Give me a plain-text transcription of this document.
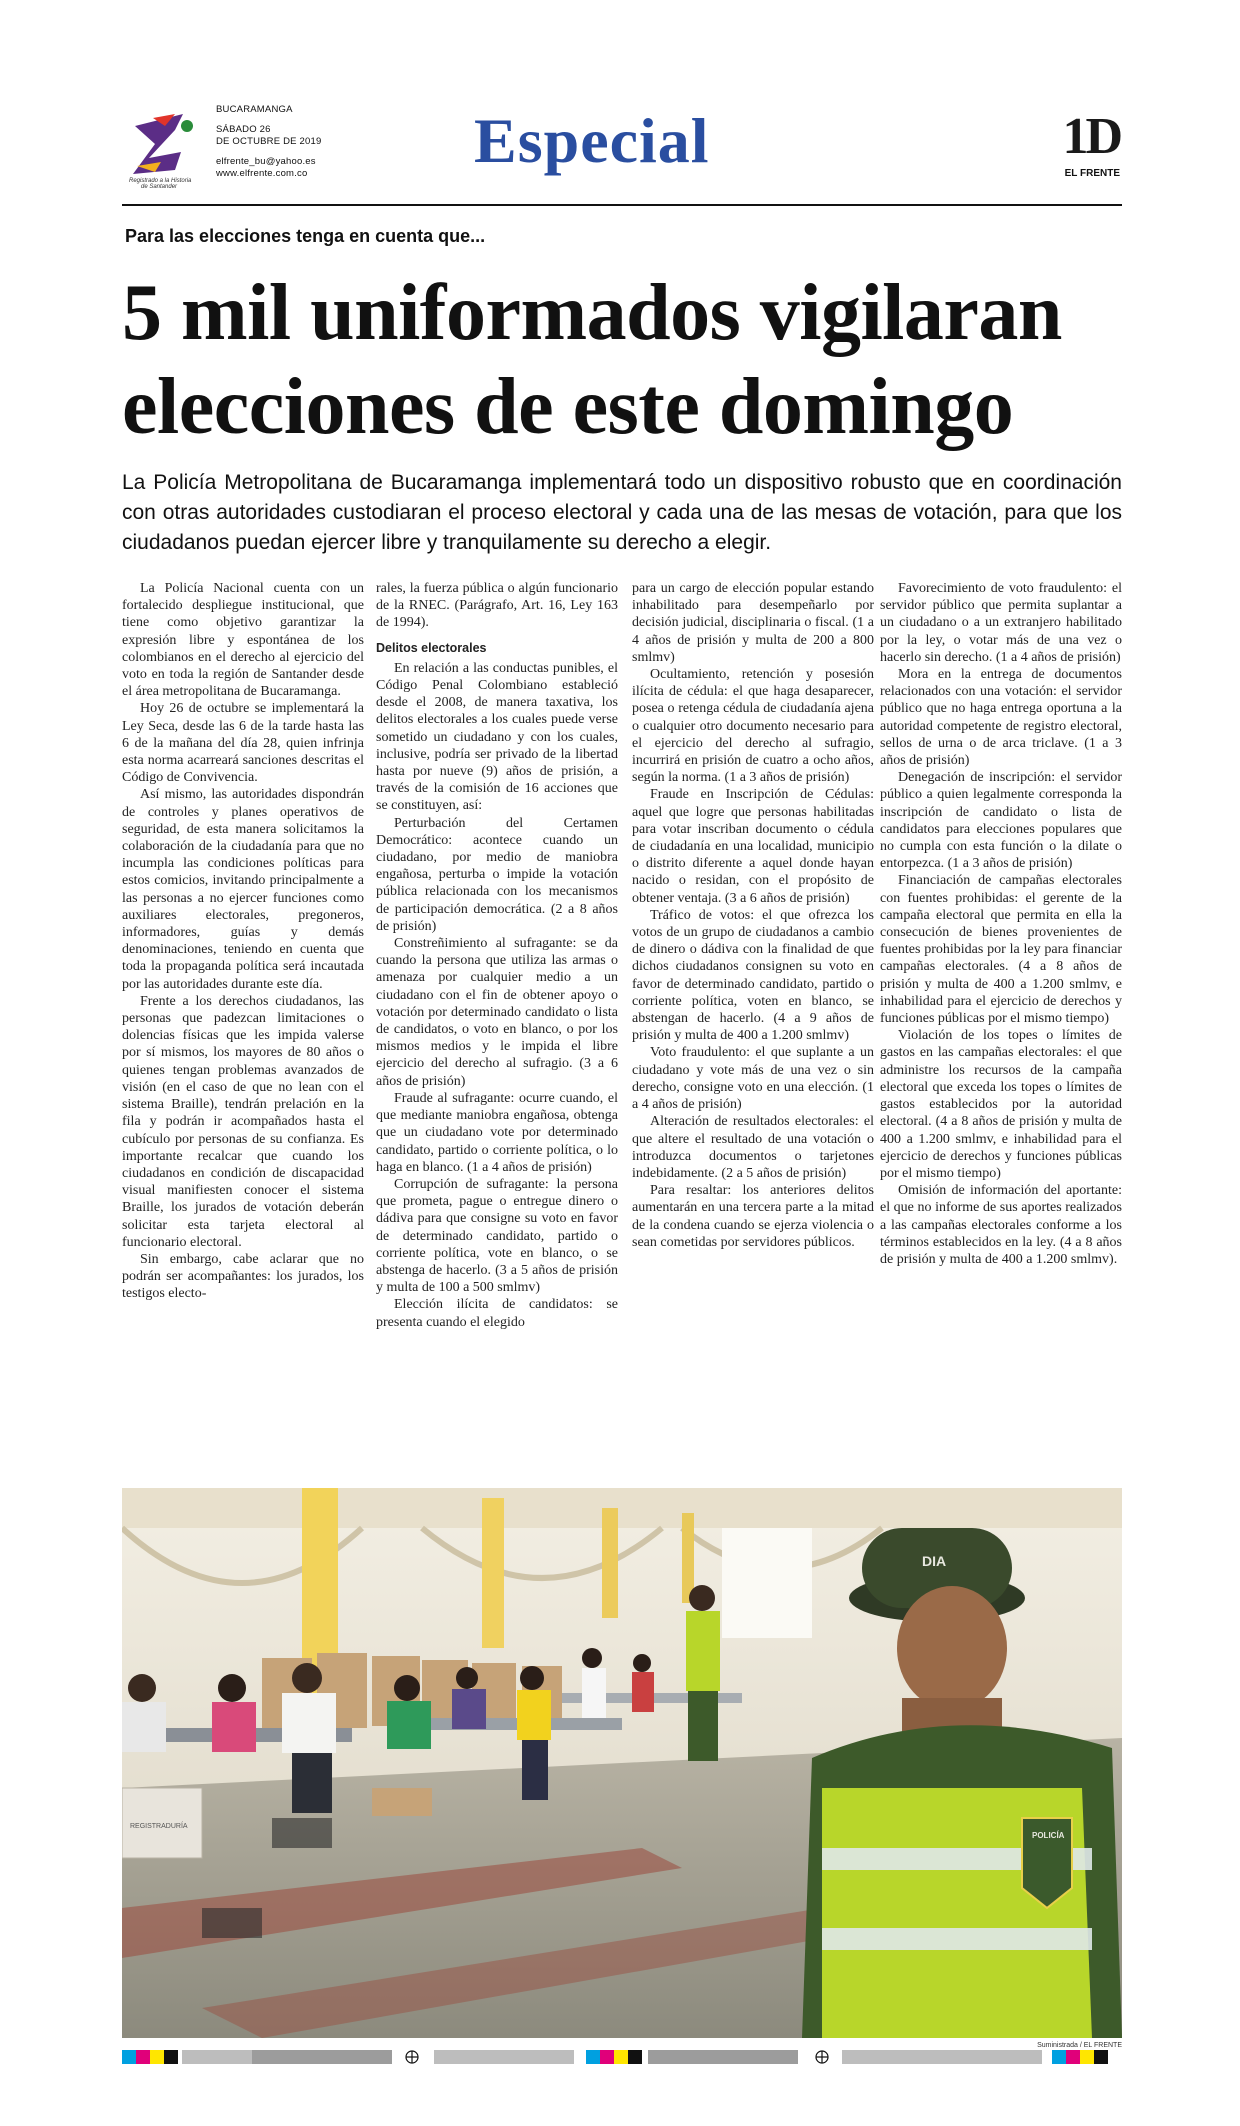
Registrado a la Historia
de Santander
BUCARAMANGA
SÁBADO 26
DE OCTUBRE DE 2019
elfrente_bu@yahoo.es
www.elfrente.com.co	Especial	1D
EL FRENTE
Para las elecciones tenga en cuenta que...
5 mil uniformados vigilaran
elecciones de este domingo
La Policía Metropolitana de Bucaramanga implementará todo un dispositivo robusto que en coordinación con otras autoridades custodiaran el proceso electoral y cada una de las mesas de votación, para que los ciudadanos puedan ejercer libre y tranquilamente su derecho a elegir.

La Policía Nacional cuenta con un fortalecido despliegue institucional, que tiene como objetivo garantizar la expresión libre y espontánea de los colombianos en el derecho al ejercicio del voto en toda la región de Santander desde el área metropolitana de Bucaramanga.

Hoy 26 de octubre se implementará la Ley Seca, desde las 6 de la tarde hasta las 6 de la mañana del día 28, quien infrinja esta norma acarreará sanciones descritas el Código de Convivencia.

Así mismo, las autoridades dispondrán de controles y planes operativos de seguridad, de esta manera solicitamos la colaboración de la ciudadanía para que no incumpla las condiciones políticas para estos comicios, invitando principalmente a las personas a no ejercer funciones como auxiliares electorales, pregoneros, informadores, guías y demás denominaciones, teniendo en cuenta que toda la propaganda política será incautada por las autoridades durante este día.

Frente a los derechos ciudadanos, las personas que padezcan limitaciones o dolencias físicas que les impida valerse por sí mismos, los mayores de 80 años o quienes tengan problemas avanzados de visión (en el caso de que no lean con el sistema Braille), tendrán prelación en la fila y podrán ir acompañados hasta el cubículo por personas de su confianza. Es importante recalcar que cuando los ciudadanos en condición de discapacidad visual manifiesten conocer el sistema Braille, los jurados de votación deberán solicitar esta tarjeta electoral al funcionario electoral.

Sin embargo, cabe aclarar que no podrán ser acompañantes: los jurados, los testigos electo-

rales, la fuerza pública o algún funcionario de la RNEC. (Parágrafo, Art. 16, Ley 163 de 1994).

Delitos electorales

En relación a las conductas punibles, el Código Penal Colombiano estableció desde el 2008, de manera taxativa, los delitos electorales a los cuales puede verse sometido un ciudadano y con los cuales, inclusive, podría ser privado de la libertad hasta por nueve (9) años de prisión, a través de la comisión de 16 acciones que se constituyen, así:

Perturbación del Certamen Democrático: acontece cuando un ciudadano, por medio de maniobra engañosa, perturba o impide la votación pública relacionada con los mecanismos de participación democrática. (2 a 8 años de prisión)

Constreñimiento al sufragante: se da cuando la persona que utiliza las armas o amenaza por cualquier medio a un ciudadano con el fin de obtener apoyo o votación por determinado candidato o lista de candidatos, o voto en blanco, o por los mismos medios y le impida el libre ejercicio del derecho al sufragio. (3 a 6 años de prisión)

Fraude al sufragante: ocurre cuando, el que mediante maniobra engañosa, obtenga que un ciudadano vote por determinado candidato, partido o corriente política, o lo haga en blanco. (1 a 4 años de prisión)

Corrupción de sufragante: la persona que prometa, pague o entregue dinero o dádiva para que consigne su voto en favor de determinado candidato, partido o corriente política, vote en blanco, o se abstenga de hacerlo. (3 a 5 años de prisión y multa de 100 a 500 smlmv)

Elección ilícita de candidatos: se presenta cuando el elegido

para un cargo de elección popular estando inhabilitado para desempeñarlo por decisión judicial, disciplinaria o fiscal. (1 a 4 años de prisión y multa de 200 a 800 smlmv)

Ocultamiento, retención y posesión ilícita de cédula: el que haga desaparecer, posea o retenga cédula de ciudadanía ajena o cualquier otro documento necesario para el ejercicio del derecho al sufragio, incurrirá en prisión de cuatro a ocho años, según la norma. (1 a 3 años de prisión)

Fraude en Inscripción de Cédulas: aquel que logre que personas habilitadas para votar inscriban documento o cédula de ciudadanía en una localidad, municipio o distrito diferente a aquel donde hayan nacido o residan, con el propósito de obtener ventaja. (3 a 6 años de prisión)

Tráfico de votos: el que ofrezca los votos de un grupo de ciudadanos a cambio de dinero o dádiva con la finalidad de que dichos ciudadanos consignen su voto en favor de determinado candidato, partido o corriente política, voten en blanco, se abstengan de hacerlo. (4 a 9 años de prisión y multa de 400 a 1.200 smlmv)

Voto fraudulento: el que suplante a un ciudadano y vote más de una vez o sin derecho, consigne voto en una elección. (1 a 4 años de prisión)

Alteración de resultados electorales: el que altere el resultado de una votación o introduzca documentos o tarjetones indebidamente. (2 a 5 años de prisión)

Para resaltar: los anteriores delitos aumentarán en una tercera parte a la mitad de la condena cuando se ejerza violencia o sean cometidas por servidores públicos.

Favorecimiento de voto fraudulento: el servidor público que permita suplantar a un ciudadano o a un extranjero habilitado por la ley, o votar más de una vez o hacerlo sin derecho. (1 a 4 años de prisión)

Mora en la entrega de documentos relacionados con una votación: el servidor público que no haga entrega oportuna a la autoridad competente de registro electoral, sellos de urna o de arca triclave. (1 a 3 años de prisión)

Denegación de inscripción: el servidor público a quien legalmente corresponda la inscripción de candidato o lista de candidatos para elecciones populares que no cumpla con esta función o la dilate o entorpezca. (1 a 3 años de prisión)

Financiación de campañas electorales con fuentes prohibidas: el gerente de la campaña electoral que permita en ella la consecución de bienes provenientes de fuentes prohibidas por la ley para financiar campañas electorales. (4 a 8 años de prisión y multa de 400 a 1.200 smlmv, e inhabilidad para el ejercicio de derechos y funciones públicas por el mismo tiempo)

Violación de los topes o límites de gastos en las campañas electorales: el que administre los recursos de la campaña electoral que exceda los topes o límites de gastos establecidos por la autoridad electoral. (4 a 8 años de prisión y multa de 400 a 1.200 smlmv, e inhabilidad para el ejercicio de derechos y funciones públicas por el mismo tiempo)

Omisión de información del aportante: el que no informe de sus aportes realizados a las campañas electorales conforme a los términos establecidos en la ley. (4 a 8 años de prisión y multa de 400 a 1.200 smlmv).

REGISTRADURÍA
DIA
POLICÍA
Suministrada / EL FRENTE
